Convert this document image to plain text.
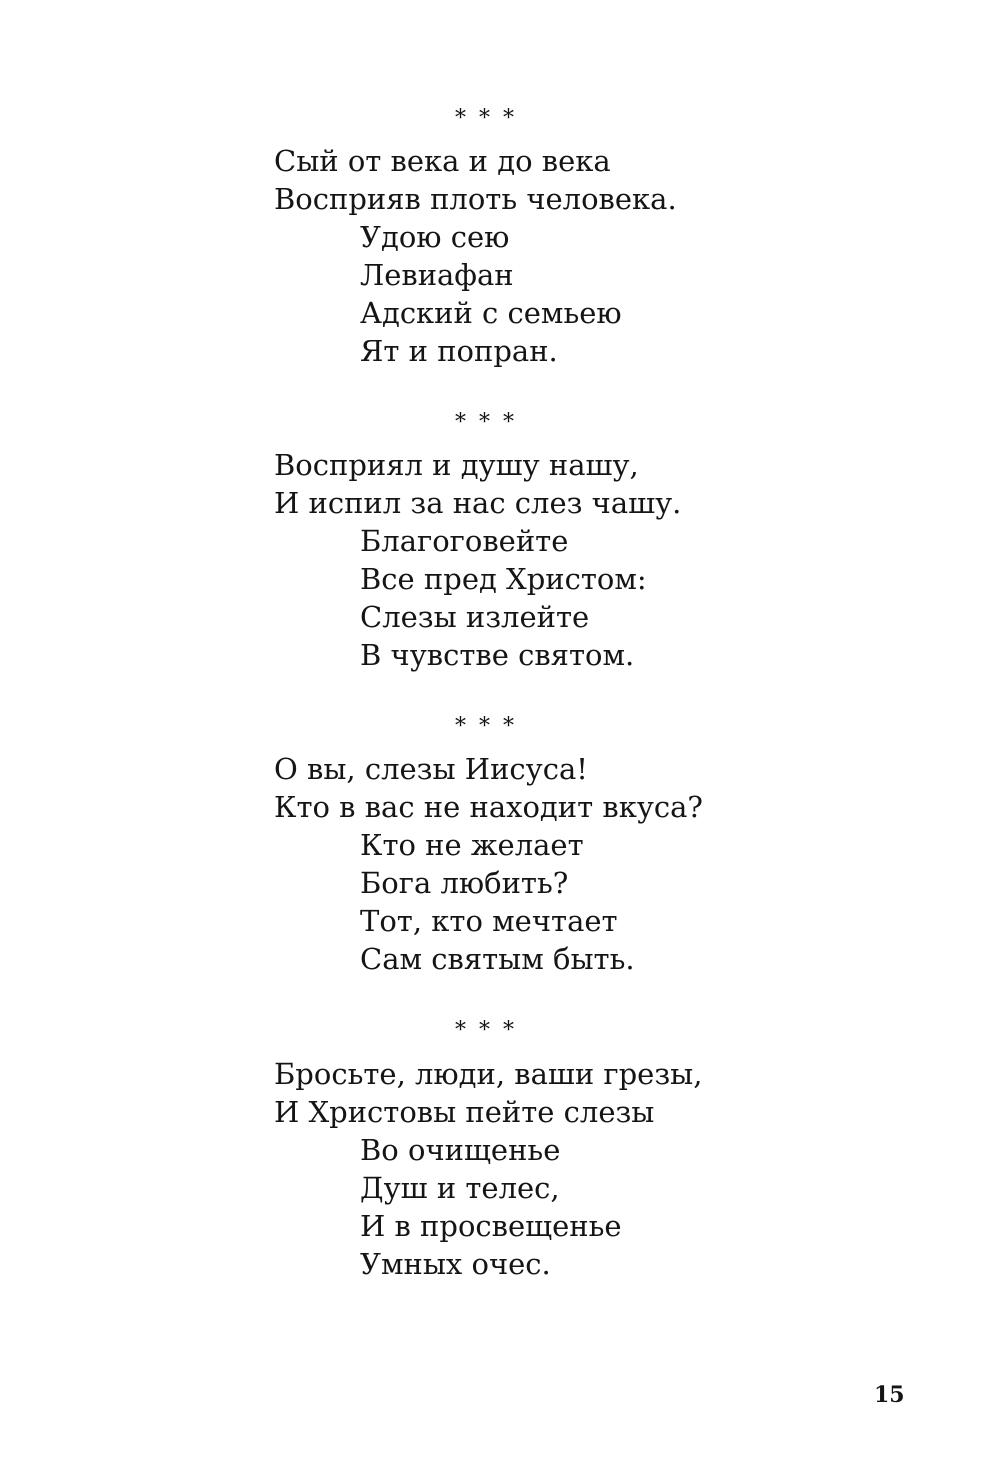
* * *
Сый от века и до века
Восприяв плоть человека.
Удою сею
Левиафан
Адский с семьею
Ят и попран.
* * *
Восприял и душу нашу,
И испил за нас слез чашу.
Благоговейте
Все пред Христом:
Слезы излейте
В чувстве святом.
* * *
О вы, слезы Иисуса!
Кто в вас не находит вкуса?
Кто не желает
Бога любить?
Тот, кто мечтает
Сам святым быть.
* * *
Бросьте, люди, ваши грезы,
И Христовы пейте слезы
Во очищенье
Душ и телес,
И в просвещенье
Умных очес.
15
